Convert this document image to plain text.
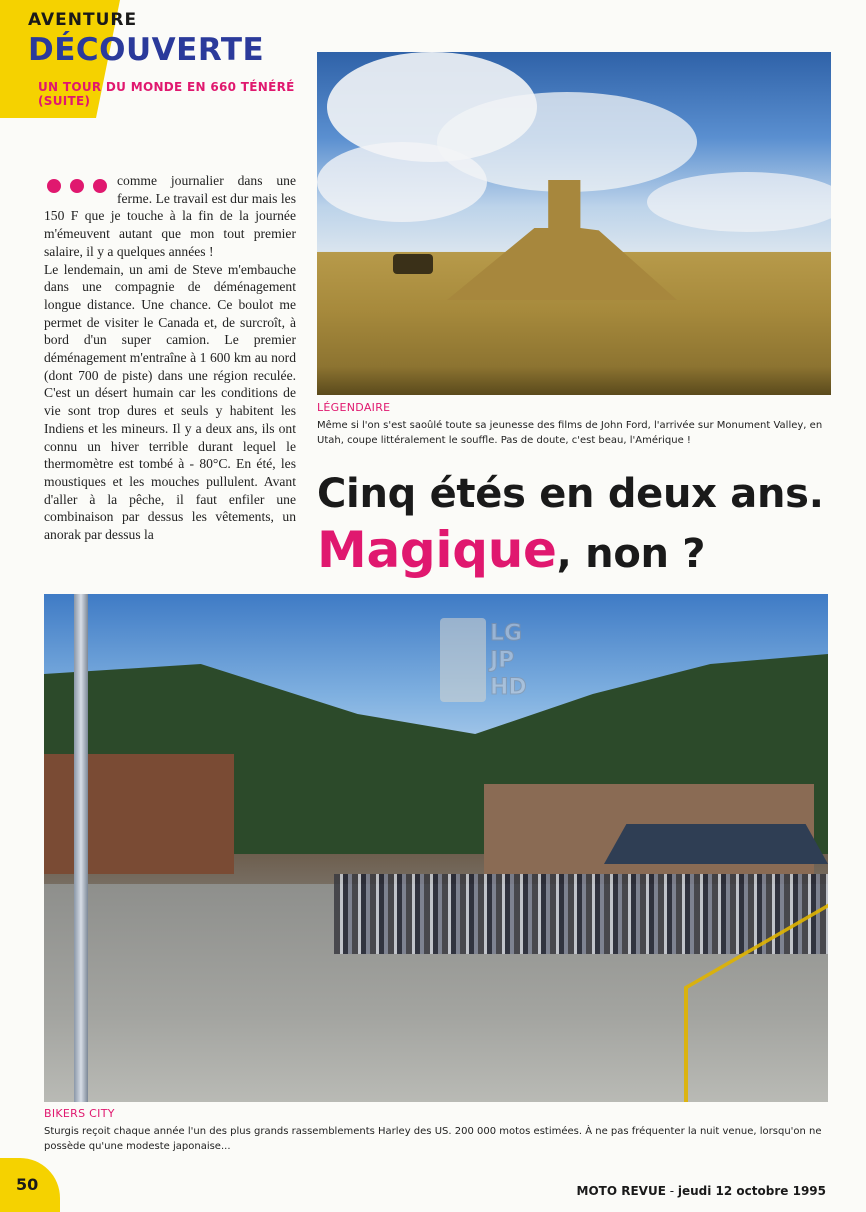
AVENTURE

DÉCOUVERTE

UN TOUR DU MONDE EN 660 TÉNÉRÉ (SUITE)

comme journalier dans une ferme. Le travail est dur mais les 150 F que je touche à la fin de la journée m'émeuvent autant que mon tout premier salaire, il y a quelques années !

Le lendemain, un ami de Steve m'embauche dans une compagnie de déménagement longue distance. Une chance. Ce boulot me permet de visiter le Canada et, de surcroît, à bord d'un super camion. Le premier déménagement m'entraîne à 1 600 km au nord (dont 700 de piste) dans une région reculée. C'est un désert humain car les conditions de vie sont trop dures et seuls y habitent les Indiens et les mineurs. Il y a deux ans, ils ont connu un hiver terrible durant lequel le thermomètre est tombé à - 80°C. En été, les moustiques et les mouches pullulent. Avant d'aller à la pêche, il faut enfiler une combinaison par dessus les vêtements, un anorak par dessus la

LÉGENDAIRE

Même si l'on s'est saoûlé toute sa jeunesse des films de John Ford, l'arrivée sur Monument Valley, en Utah, coupe littéralement le souffle. Pas de doute, c'est beau, l'Amérique !

Cinq étés en deux ans.
Magique, non ?
LG
JP
HD

BIKERS CITY

Sturgis reçoit chaque année l'un des plus grands rassemblements Harley des US. 200 000 motos estimées. À ne pas fréquenter la nuit venue, lorsqu'on ne possède qu'une modeste japonaise...

50	MOTO REVUE - jeudi 12 octobre 1995
